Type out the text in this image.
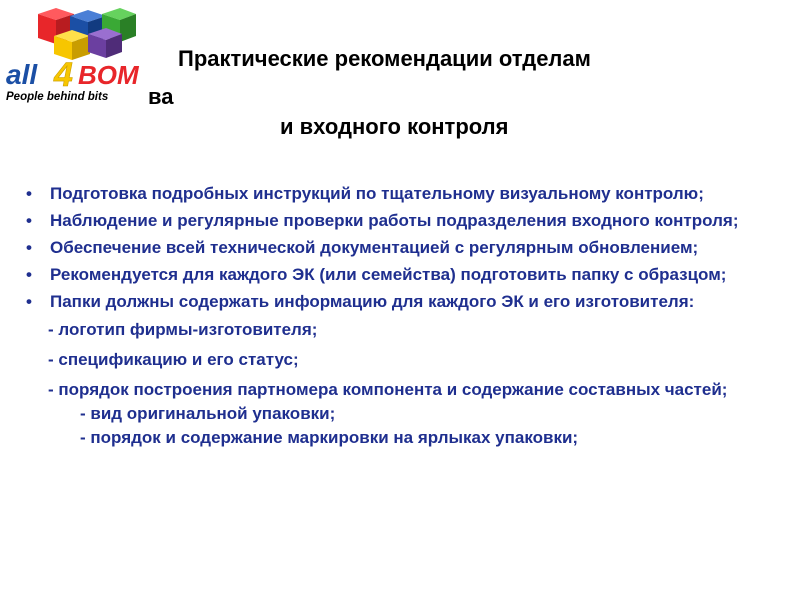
all 4 BOM
People behind bits
Практические рекомендации отделам
ва
и входного контроля
• Подготовка подробных инструкций по тщательному визуальному контролю;
• Наблюдение и регулярные проверки работы подразделения входного контроля;
• Обеспечение всей технической документацией с регулярным обновлением;
• Рекомендуется для каждого ЭК (или семейства) подготовить папку с образцом;
• Папки должны содержать информацию для каждого ЭК и его изготовителя:
- логотип фирмы-изготовителя;
- спецификацию и его статус;
- порядок построения партномера компонента и содержание составных частей;
- вид оригинальной упаковки;
- порядок и содержание маркировки на ярлыках упаковки;
